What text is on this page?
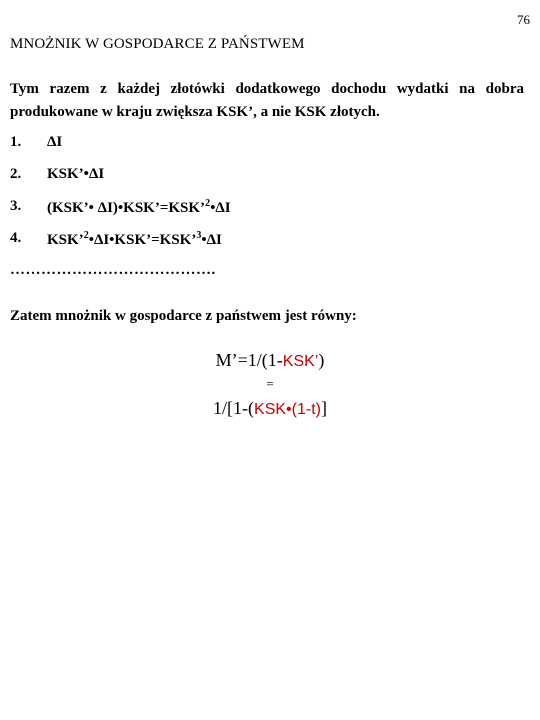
76
MNOŻNIK W GOSPODARCE Z PAŃSTWEM

Tym razem z każdej złotówki dodatkowego dochodu wydatki na dobra produkowane w kraju zwiększa KSK’, a nie KSK złotych.

1. ΔI
2. KSK’•ΔI
3. (KSK’• ΔI)•KSK’=KSK’$^2$•ΔI
4. KSK’$^2$•ΔI•KSK’=KSK’$^3$•ΔI
………………………………….

Zatem mnożnik w gospodarce z państwem jest równy:

M’=1/(1-KSK’)
=
1/[1-(KSK•(1-t)]
